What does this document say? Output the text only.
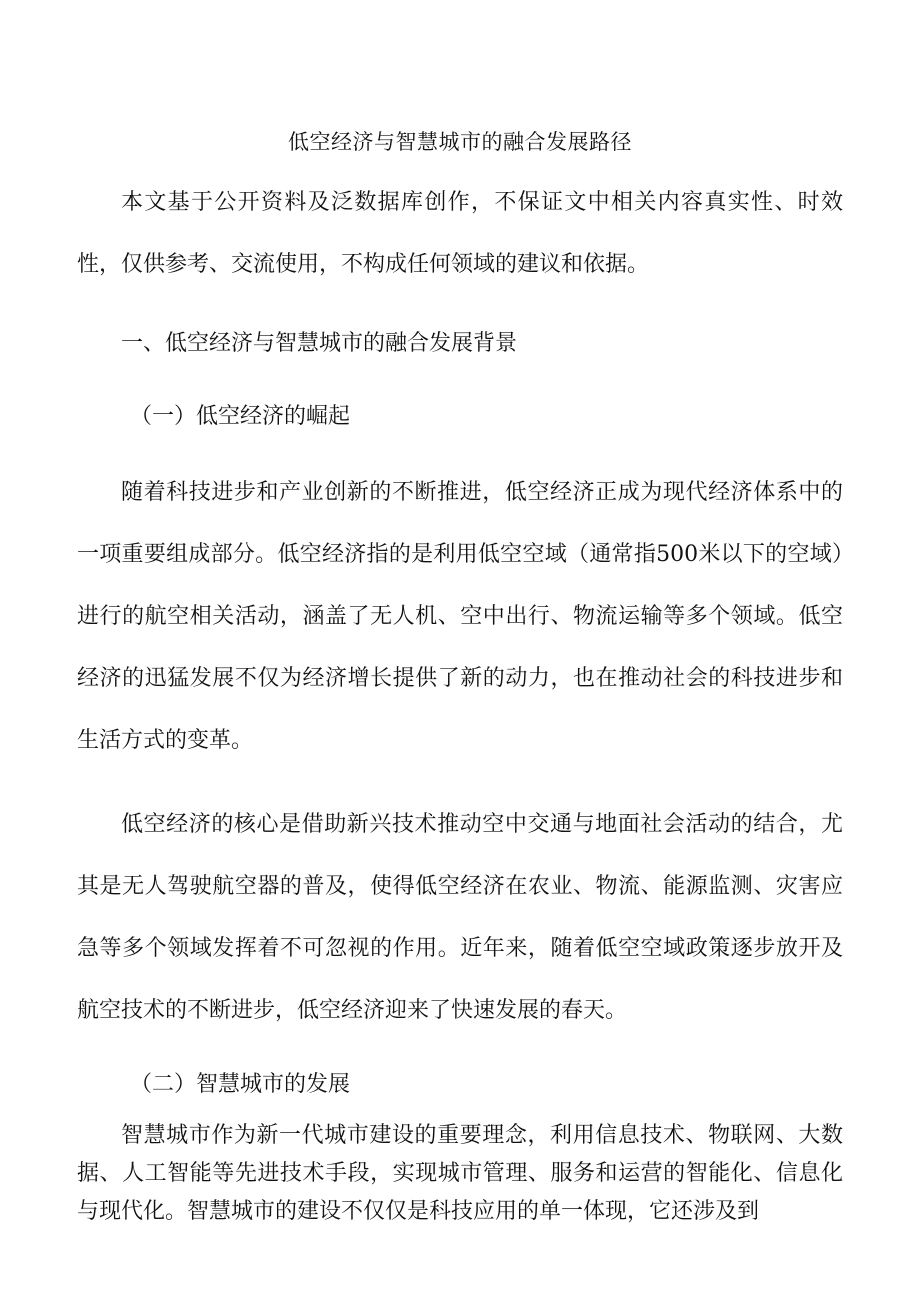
低空经济与智慧城市的融合发展路径

本文基于公开资料及泛数据库创作，不保证文中相关内容真实性、时效性，仅供参考、交流使用，不构成任何领域的建议和依据。

一、低空经济与智慧城市的融合发展背景
（一）低空经济的崛起

随着科技进步和产业创新的不断推进，低空经济正成为现代经济体系中的一项重要组成部分。低空经济指的是利用低空空域（通常指500米以下的空域）进行的航空相关活动，涵盖了无人机、空中出行、物流运输等多个领域。低空经济的迅猛发展不仅为经济增长提供了新的动力，也在推动社会的科技进步和生活方式的变革。

低空经济的核心是借助新兴技术推动空中交通与地面社会活动的结合，尤其是无人驾驶航空器的普及，使得低空经济在农业、物流、能源监测、灾害应急等多个领域发挥着不可忽视的作用。近年来，随着低空空域政策逐步放开及航空技术的不断进步，低空经济迎来了快速发展的春天。

（二）智慧城市的发展

智慧城市作为新一代城市建设的重要理念，利用信息技术、物联网、大数据、人工智能等先进技术手段，实现城市管理、服务和运营的智能化、信息化与现代化。智慧城市的建设不仅仅是科技应用的单一体现，它还涉及到
